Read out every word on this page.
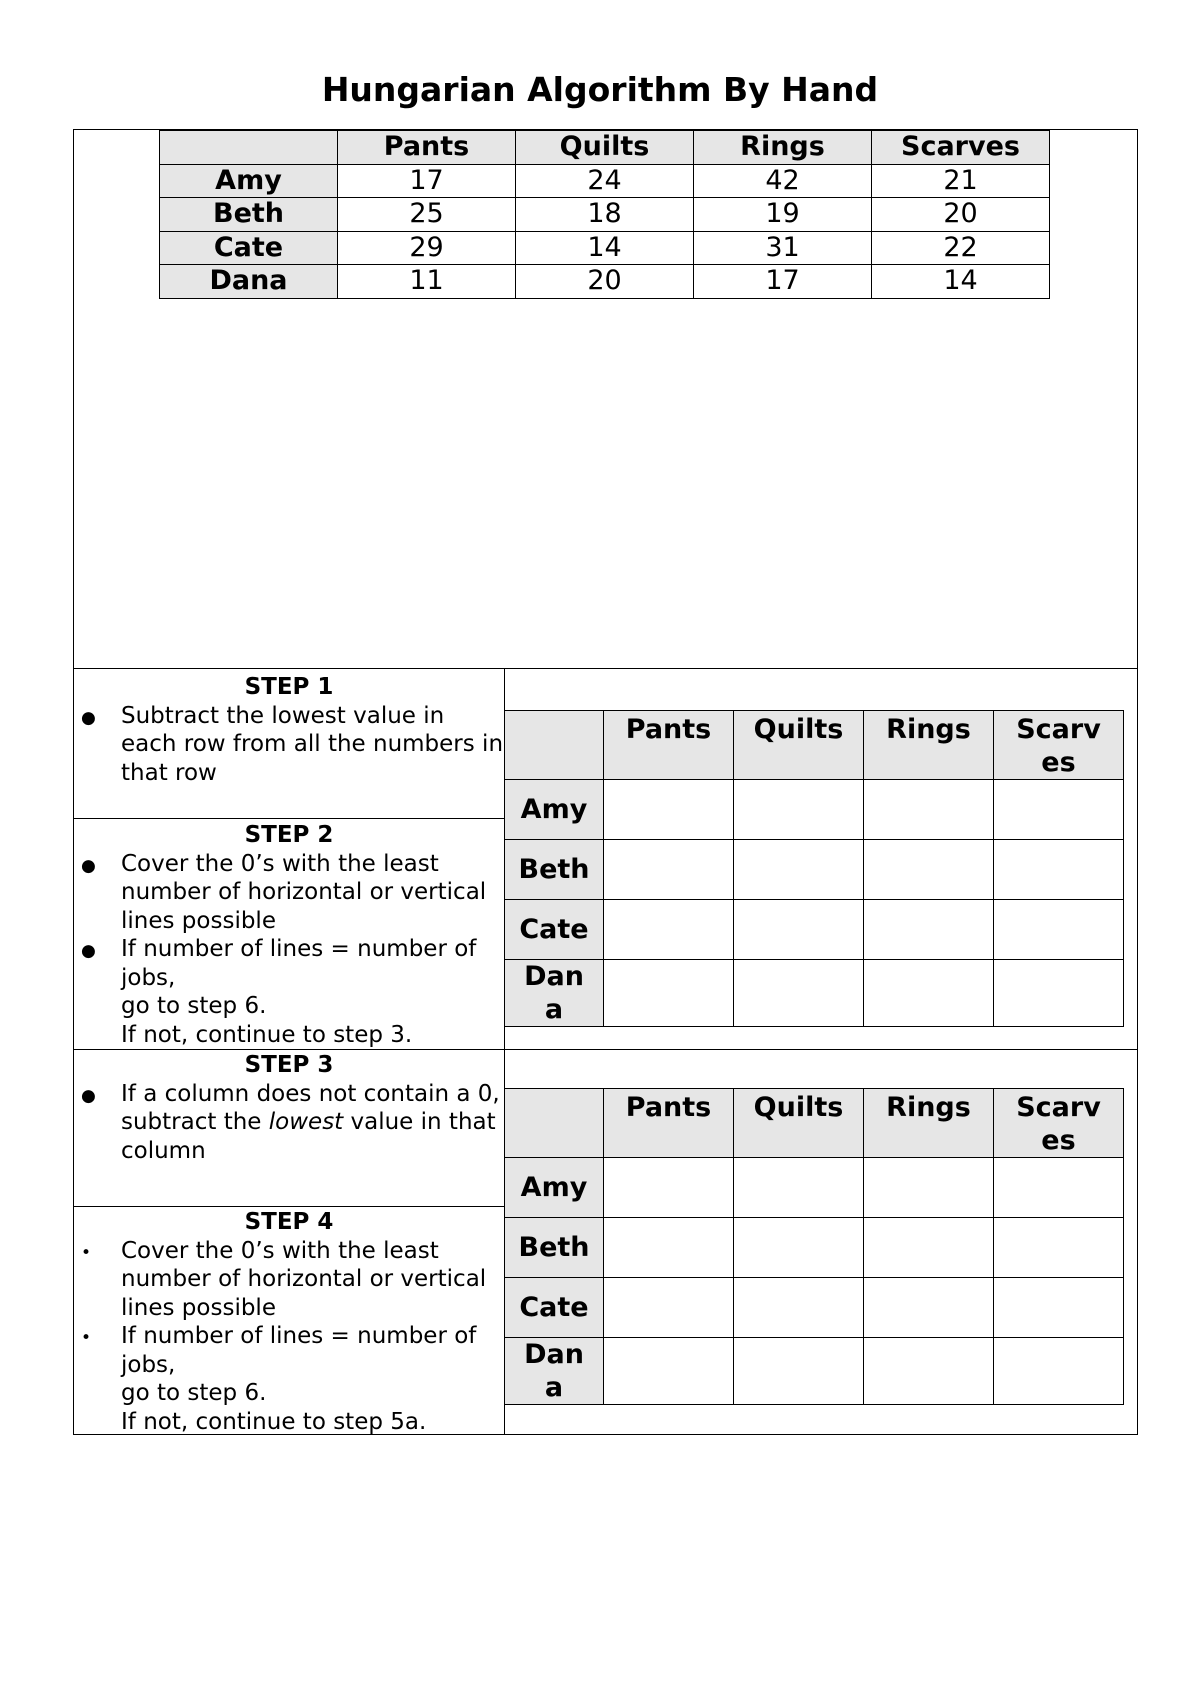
Hungarian Algorithm By Hand
	Pants	Quilts	Rings	Scarves
Amy	17	24	42	21
Beth	25	18	19	20
Cate	29	14	31	22
Dana	11	20	17	14
STEP 1
●
Subtract the lowest value in each row from all the numbers in that row
STEP 2
●
Cover the 0’s with the least number of horizontal or vertical lines possible
●
If number of lines = number of jobs,
go to step 6.
If not, continue to step 3.
STEP 3
●
If a column does not contain a 0, subtract the lowest value in that column
STEP 4
•
Cover the 0’s with the least number of horizontal or vertical lines possible
•
If number of lines = number of jobs,
go to step 6.
If not, continue to step 5a.
	Pants	Quilts	Rings	Scarv
es
Amy				
Beth				
Cate				
Dan
a				
	Pants	Quilts	Rings	Scarv
es
Amy				
Beth				
Cate				
Dan
a				
